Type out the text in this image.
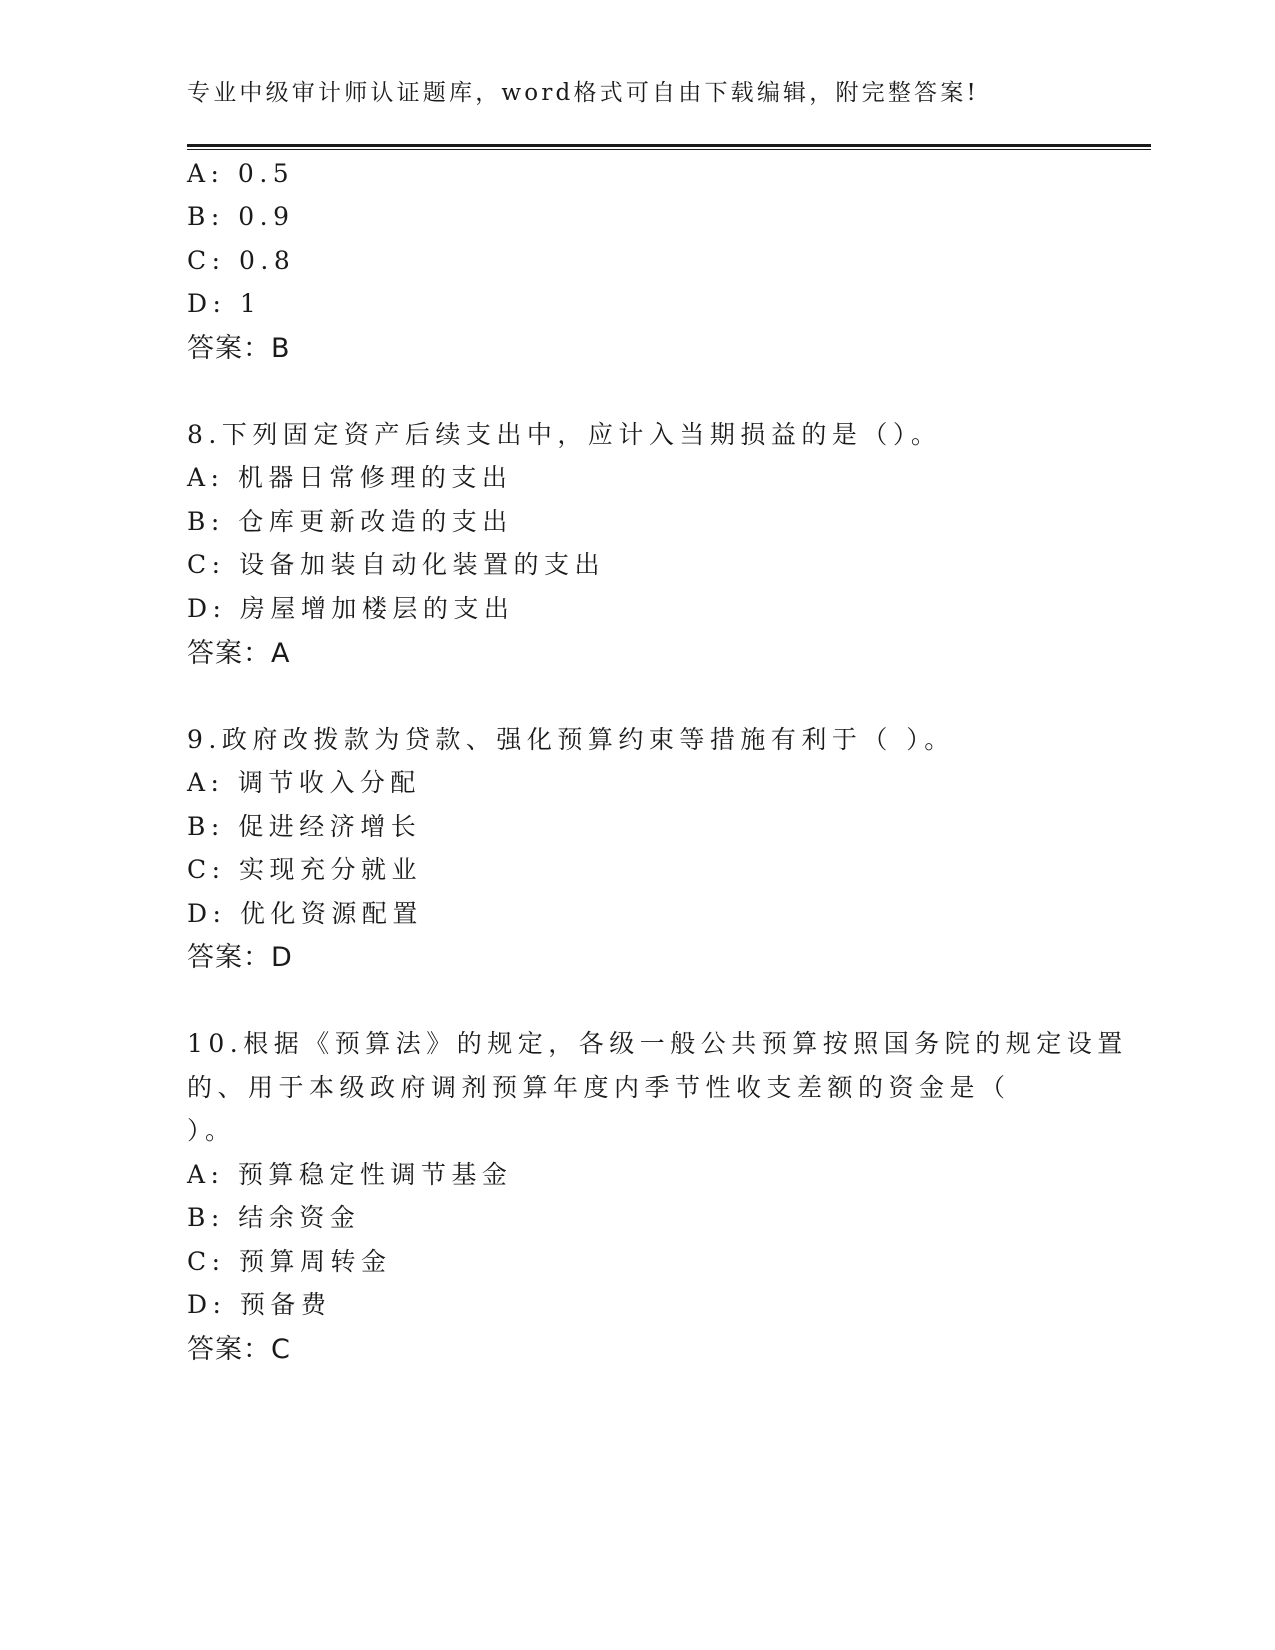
专业中级审计师认证题库，word格式可自由下载编辑，附完整答案!
A: 0.5
B: 0.9
C: 0.8
D: 1
答案：B
8.下列固定资产后续支出中，应计入当期损益的是（）。
A: 机器日常修理的支出
B: 仓库更新改造的支出
C: 设备加装自动化装置的支出
D: 房屋增加楼层的支出
答案：A
9.政府改拨款为贷款、强化预算约束等措施有利于（ ）。
A: 调节收入分配
B: 促进经济增长
C: 实现充分就业
D: 优化资源配置
答案：D
10.根据《预算法》的规定，各级一般公共预算按照国务院的规定设置
的、用于本级政府调剂预算年度内季节性收支差额的资金是（
）。
A: 预算稳定性调节基金
B: 结余资金
C: 预算周转金
D: 预备费
答案：C
